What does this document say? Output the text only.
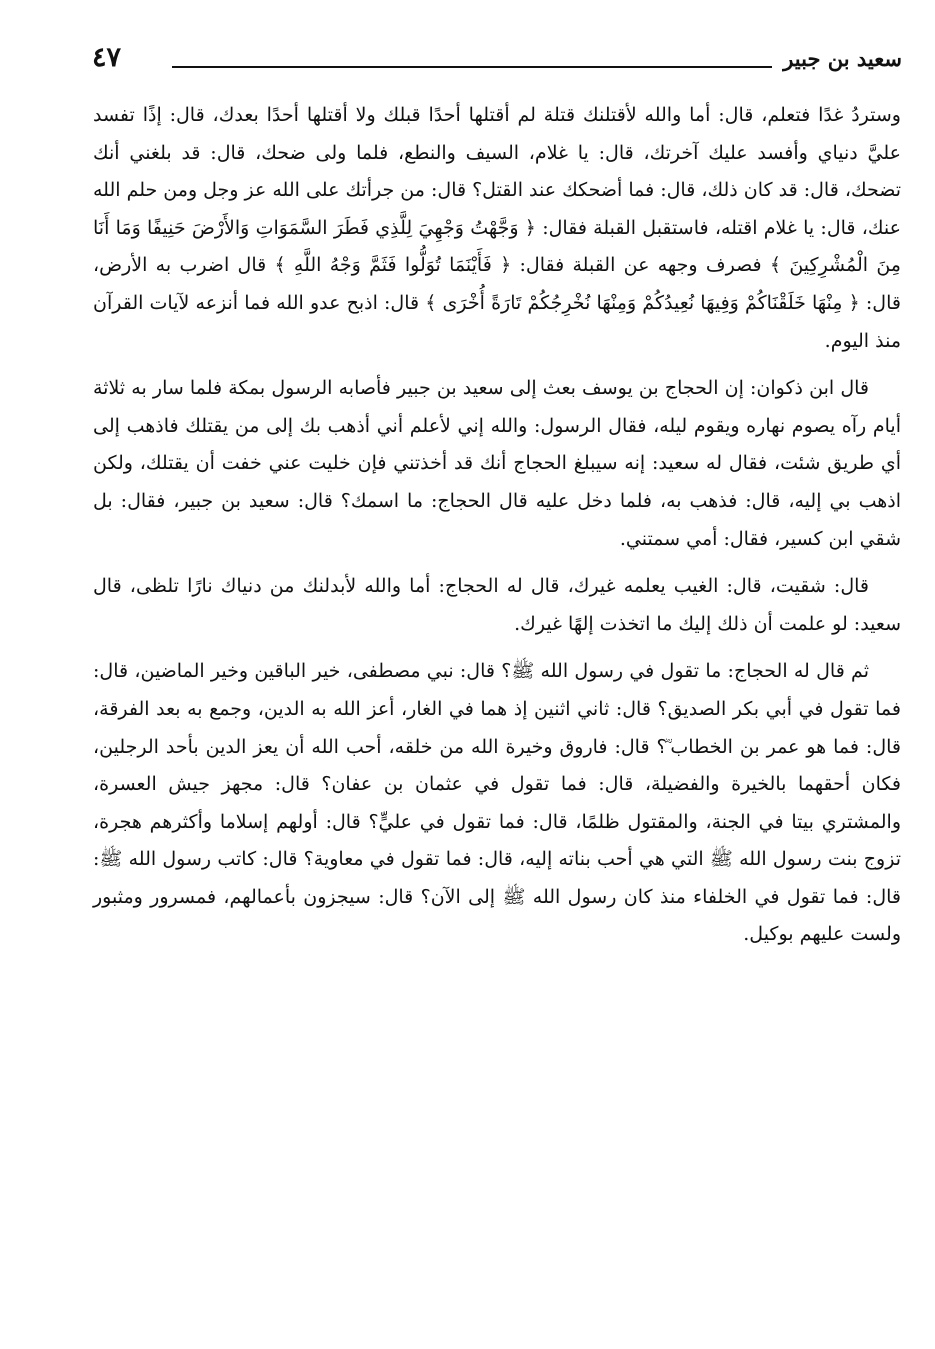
٤٧	سعيد بن جبير

وستردُ غدًا فتعلم، قال: أما والله لأقتلنك قتلة لم أقتلها أحدًا قبلك ولا أقتلها أحدًا بعدك، قال: إذًا تفسد عليَّ دنياي وأفسد عليك آخرتك، قال: يا غلام، السيف والنطع، فلما ولى ضحك، قال: قد بلغني أنك تضحك، قال: قد كان ذلك، قال: فما أضحكك عند القتل؟ قال: من جرأتك على الله عز وجل ومن حلم الله عنك، قال: يا غلام اقتله، فاستقبل القبلة فقال: ﴿ وَجَّهْتُ وَجْهِيَ لِلَّذِي فَطَرَ السَّمَوَاتِ وَالأَرْضَ حَنِيفًا وَمَا أَنَا مِنَ الْمُشْرِكِينَ ﴾ فصرف وجهه عن القبلة فقال: ﴿ فَأَيْنَمَا تُوَلُّوا فَثَمَّ وَجْهُ اللَّهِ ﴾ قال اضرب به الأرض، قال: ﴿ مِنْهَا خَلَقْنَاكُمْ وَفِيهَا نُعِيدُكُمْ وَمِنْهَا نُخْرِجُكُمْ تَارَةً أُخْرَى ﴾ قال: اذبح عدو الله فما أنزعه لآيات القرآن منذ اليوم.

قال ابن ذكوان: إن الحجاج بن يوسف بعث إلى سعيد بن جبير فأصابه الرسول بمكة فلما سار به ثلاثة أيام رآه يصوم نهاره ويقوم ليله، فقال الرسول: والله إني لأعلم أني أذهب بك إلى من يقتلك فاذهب إلى أي طريق شئت، فقال له سعيد: إنه سيبلغ الحجاج أنك قد أخذتني فإن خليت عني خفت أن يقتلك، ولكن اذهب بي إليه، قال: فذهب به، فلما دخل عليه قال الحجاج: ما اسمك؟ قال: سعيد بن جبير، فقال: بل شقي ابن كسير، فقال: أمي سمتني.

قال: شقيت، قال: الغيب يعلمه غيرك، قال له الحجاج: أما والله لأبدلنك من دنياك نارًا تلظى، قال سعيد: لو علمت أن ذلك إليك ما اتخذت إلهًا غيرك.

ثم قال له الحجاج: ما تقول في رسول الله ﷺ؟ قال: نبي مصطفى، خير الباقين وخير الماضين، قال: فما تقول في أبي بكر الصديق؟ قال: ثاني اثنين إذ هما في الغار، أعز الله به الدين، وجمع به بعد الفرقة، قال: فما هو عمر بن الخطاب ؓ؟ قال: فاروق وخيرة الله من خلقه، أحب الله أن يعز الدين بأحد الرجلين، فكان أحقهما بالخيرة والفضيلة، قال: فما تقول في عثمان بن عفان؟ قال: مجهز جيش العسرة، والمشتري بيتا في الجنة، والمقتول ظلمًا، قال: فما تقول في عليٍّ؟ قال: أولهم إسلاما وأكثرهم هجرة، تزوج بنت رسول الله ﷺ التي هي أحب بناته إليه، قال: فما تقول في معاوية؟ قال: كاتب رسول الله ﷺ: قال: فما تقول في الخلفاء منذ كان رسول الله ﷺ إلى الآن؟ قال: سيجزون بأعمالهم، فمسرور ومثبور ولست عليهم بوكيل.
